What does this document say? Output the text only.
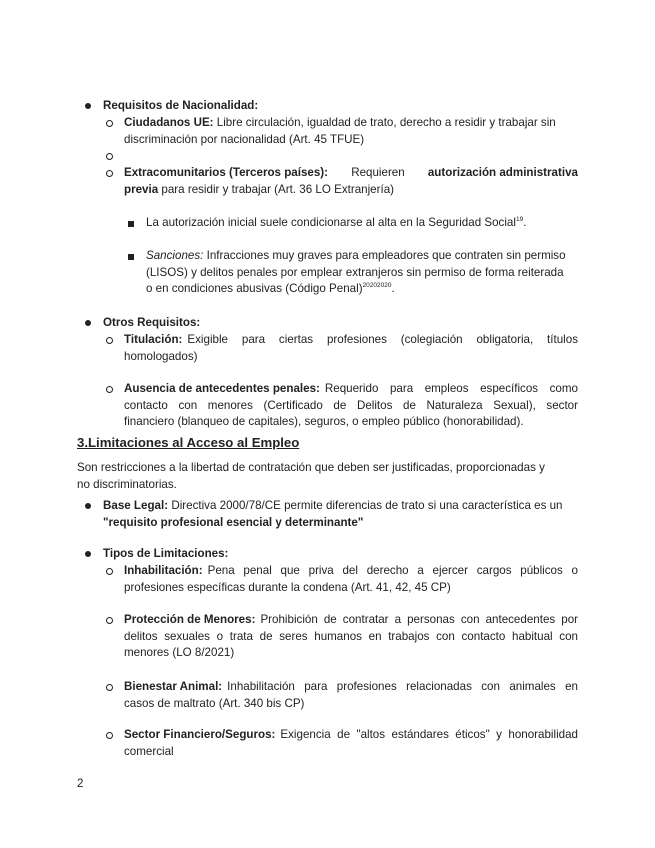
Requisitos de Nacionalidad:
Ciudadanos UE: Libre circulación, igualdad de trato, derecho a residir y trabajar sin
discriminación por nacionalidad (Art. 45 TFUE)
Extracomunitarios (Terceros países): Requieren autorización administrativa
previa para residir y trabajar (Art. 36 LO Extranjería)
La autorización inicial suele condicionarse al alta en la Seguridad Social$^{19}$.
Sanciones: Infracciones muy graves para empleadores que contraten sin permiso
(LISOS) y delitos penales por emplear extranjeros sin permiso de forma reiterada
o en condiciones abusivas (Código Penal)$^{20202020}$.
Otros Requisitos:
Titulación: Exigible para ciertas profesiones (colegiación obligatoria, títulos
homologados)
Ausencia de antecedentes penales: Requerido para empleos específicos como
contacto con menores (Certificado de Delitos de Naturaleza Sexual), sector
financiero (blanqueo de capitales), seguros, o empleo público (honorabilidad).
3.Limitaciones al Acceso al Empleo
Son restricciones a la libertad de contratación que deben ser justificadas, proporcionadas y
no discriminatorias.
Base Legal: Directiva 2000/78/CE permite diferencias de trato si una característica es un
"requisito profesional esencial y determinante"
Tipos de Limitaciones:
Inhabilitación: Pena penal que priva del derecho a ejercer cargos públicos o
profesiones específicas durante la condena (Art. 41, 42, 45 CP)
Protección de Menores: Prohibición de contratar a personas con antecedentes por
delitos sexuales o trata de seres humanos en trabajos con contacto habitual con
menores (LO 8/2021)
Bienestar Animal: Inhabilitación para profesiones relacionadas con animales en
casos de maltrato (Art. 340 bis CP)
Sector Financiero/Seguros: Exigencia de "altos estándares éticos" y honorabilidad
comercial
2
